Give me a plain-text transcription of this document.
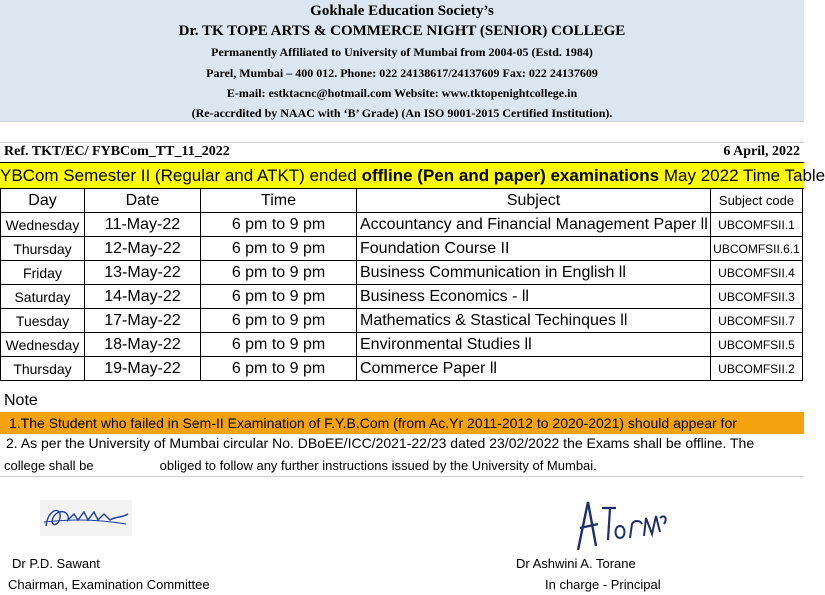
Gokhale Education Society’s
Dr. TK TOPE ARTS & COMMERCE NIGHT (SENIOR) COLLEGE
Permanently Affiliated to University of Mumbai from 2004-05 (Estd. 1984)
Parel, Mumbai – 400 012. Phone: 022 24138617/24137609 Fax: 022 24137609
E-mail: estktacnc@hotmail.com Website: www.tktopenightcollege.in
(Re-accrdited by NAAC with ‘B’ Grade) (An ISO 9001-2015 Certified Institution).
Ref. TKT/EC/ FYBCom_TT_11_2022	6 April, 2022
YBCom Semester II (Regular and ATKT) ended offline (Pen and paper) examinations May 2022 Time Table
Day	Date	Time	Subject	Subject code
Wednesday	11-May-22	6 pm to 9 pm	Accountancy and Financial Management Paper ll	UBCOMFSII.1
Thursday	12-May-22	6 pm to 9 pm	Foundation Course II	UBCOMFSII.6.1
Friday	13-May-22	6 pm to 9 pm	Business Communication in English ll	UBCOMFSII.4
Saturday	14-May-22	6 pm to 9 pm	Business Economics - ll	UBCOMFSII.3
Tuesday	17-May-22	6 pm to 9 pm	Mathematics & Stastical Techinques ll	UBCOMFSII.7
Wednesday	18-May-22	6 pm to 9 pm	Environmental Studies ll	UBCOMFSII.5
Thursday	19-May-22	6 pm to 9 pm	Commerce Paper ll	UBCOMFSII.2
Note
1.The Student who failed in Sem-II Examination of F.Y.B.Com (from Ac.Yr 2011-2012 to 2020-2021) should appear for
2. As per the University of Mumbai circular No. DBoEE/ICC/2021-22/23 dated 23/02/2022 the Exams shall be offline. The
college shall be	obliged to follow any further instructions issued by the University of Mumbai.
Dr P.D. Sawant
Chairman, Examination Committee
Dr Ashwini A. Torane
In charge - Principal
